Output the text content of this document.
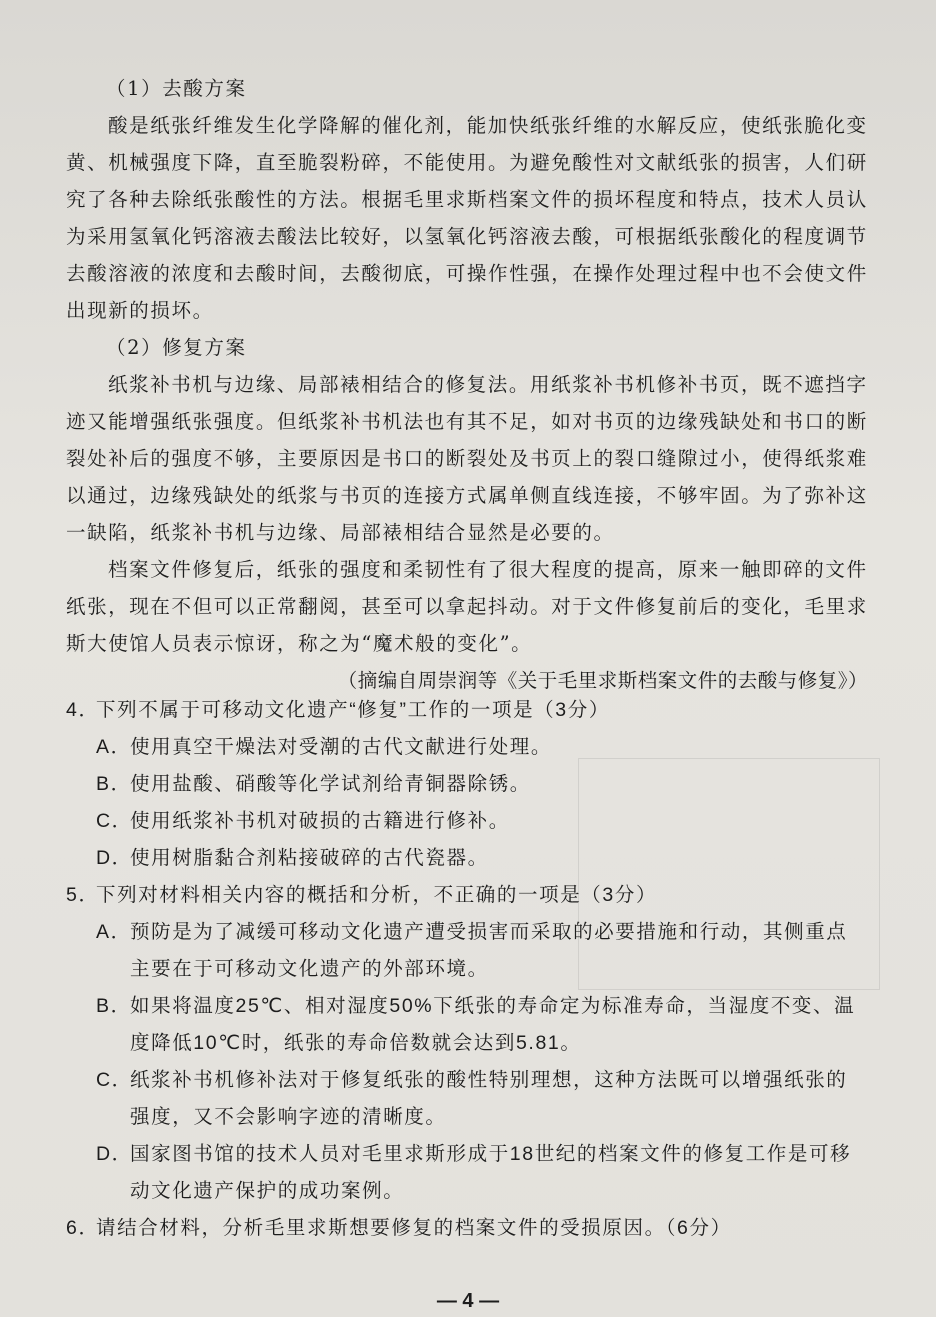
（1）去酸方案
酸是纸张纤维发生化学降解的催化剂，能加快纸张纤维的水解反应，使纸张脆化变
黄、机械强度下降，直至脆裂粉碎，不能使用。为避免酸性对文献纸张的损害，人们研
究了各种去除纸张酸性的方法。根据毛里求斯档案文件的损坏程度和特点，技术人员认
为采用氢氧化钙溶液去酸法比较好，以氢氧化钙溶液去酸，可根据纸张酸化的程度调节
去酸溶液的浓度和去酸时间，去酸彻底，可操作性强，在操作处理过程中也不会使文件
出现新的损坏。
（2）修复方案
纸浆补书机与边缘、局部裱相结合的修复法。用纸浆补书机修补书页，既不遮挡字
迹又能增强纸张强度。但纸浆补书机法也有其不足，如对书页的边缘残缺处和书口的断
裂处补后的强度不够，主要原因是书口的断裂处及书页上的裂口缝隙过小，使得纸浆难
以通过，边缘残缺处的纸浆与书页的连接方式属单侧直线连接，不够牢固。为了弥补这
一缺陷，纸浆补书机与边缘、局部裱相结合显然是必要的。
档案文件修复后，纸张的强度和柔韧性有了很大程度的提高，原来一触即碎的文件
纸张，现在不但可以正常翻阅，甚至可以拿起抖动。对于文件修复前后的变化，毛里求
斯大使馆人员表示惊讶，称之为“魔术般的变化”。
（摘编自周崇润等《关于毛里求斯档案文件的去酸与修复》）
4．下列不属于可移动文化遗产“修复”工作的一项是（3分）
A．使用真空干燥法对受潮的古代文献进行处理。
B．使用盐酸、硝酸等化学试剂给青铜器除锈。
C．使用纸浆补书机对破损的古籍进行修补。
D．使用树脂黏合剂粘接破碎的古代瓷器。
5．下列对材料相关内容的概括和分析，不正确的一项是（3分）
A．预防是为了减缓可移动文化遗产遭受损害而采取的必要措施和行动，其侧重点
主要在于可移动文化遗产的外部环境。
B．如果将温度25℃、相对湿度50%下纸张的寿命定为标准寿命，当湿度不变、温
度降低10℃时，纸张的寿命倍数就会达到5.81。
C．纸浆补书机修补法对于修复纸张的酸性特别理想，这种方法既可以增强纸张的
强度，又不会影响字迹的清晰度。
D．国家图书馆的技术人员对毛里求斯形成于18世纪的档案文件的修复工作是可移
动文化遗产保护的成功案例。
6．请结合材料，分析毛里求斯想要修复的档案文件的受损原因。（6分）
— 4 —
